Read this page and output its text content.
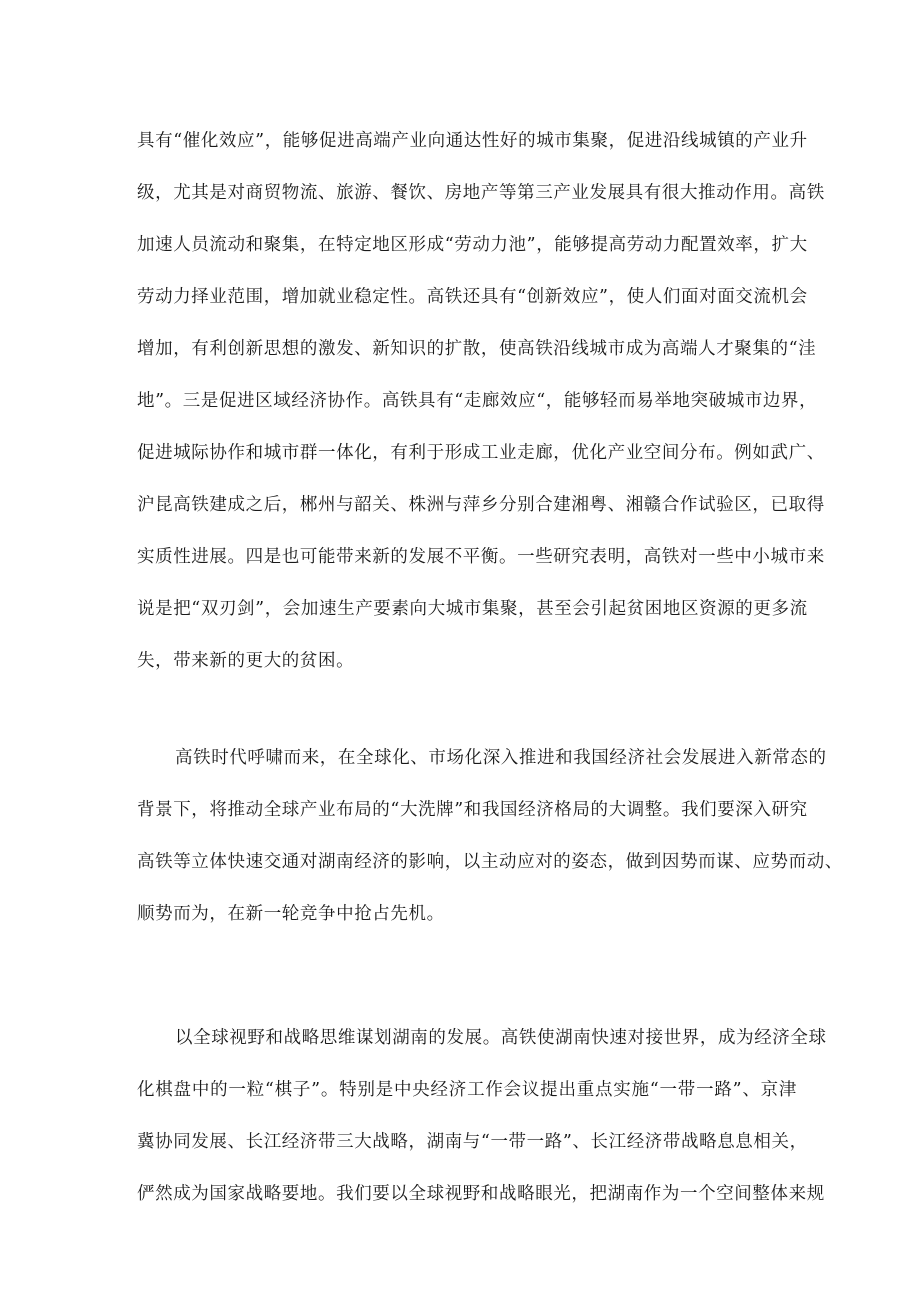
具有“催化效应”，能够促进高端产业向通达性好的城市集聚，促进沿线城镇的产业升
级，尤其是对商贸物流、旅游、餐饮、房地产等第三产业发展具有很大推动作用。高铁
加速人员流动和聚集，在特定地区形成“劳动力池”，能够提高劳动力配置效率，扩大
劳动力择业范围，增加就业稳定性。高铁还具有“创新效应”，使人们面对面交流机会
增加，有利创新思想的激发、新知识的扩散，使高铁沿线城市成为高端人才聚集的“洼
地”。三是促进区域经济协作。高铁具有“走廊效应“，能够轻而易举地突破城市边界，
促进城际协作和城市群一体化，有利于形成工业走廊，优化产业空间分布。例如武广、
沪昆高铁建成之后，郴州与韶关、株洲与萍乡分别合建湘粤、湘赣合作试验区，已取得
实质性进展。四是也可能带来新的发展不平衡。一些研究表明，高铁对一些中小城市来
说是把“双刃剑”，会加速生产要素向大城市集聚，甚至会引起贫困地区资源的更多流
失，带来新的更大的贫困。
高铁时代呼啸而来，在全球化、市场化深入推进和我国经济社会发展进入新常态的
背景下，将推动全球产业布局的“大洗牌”和我国经济格局的大调整。我们要深入研究
高铁等立体快速交通对湖南经济的影响，以主动应对的姿态，做到因势而谋、应势而动、
顺势而为，在新一轮竞争中抢占先机。
以全球视野和战略思维谋划湖南的发展。高铁使湖南快速对接世界，成为经济全球
化棋盘中的一粒“棋子”。特别是中央经济工作会议提出重点实施“一带一路”、京津
冀协同发展、长江经济带三大战略，湖南与“一带一路”、长江经济带战略息息相关，
俨然成为国家战略要地。我们要以全球视野和战略眼光，把湖南作为一个空间整体来规
